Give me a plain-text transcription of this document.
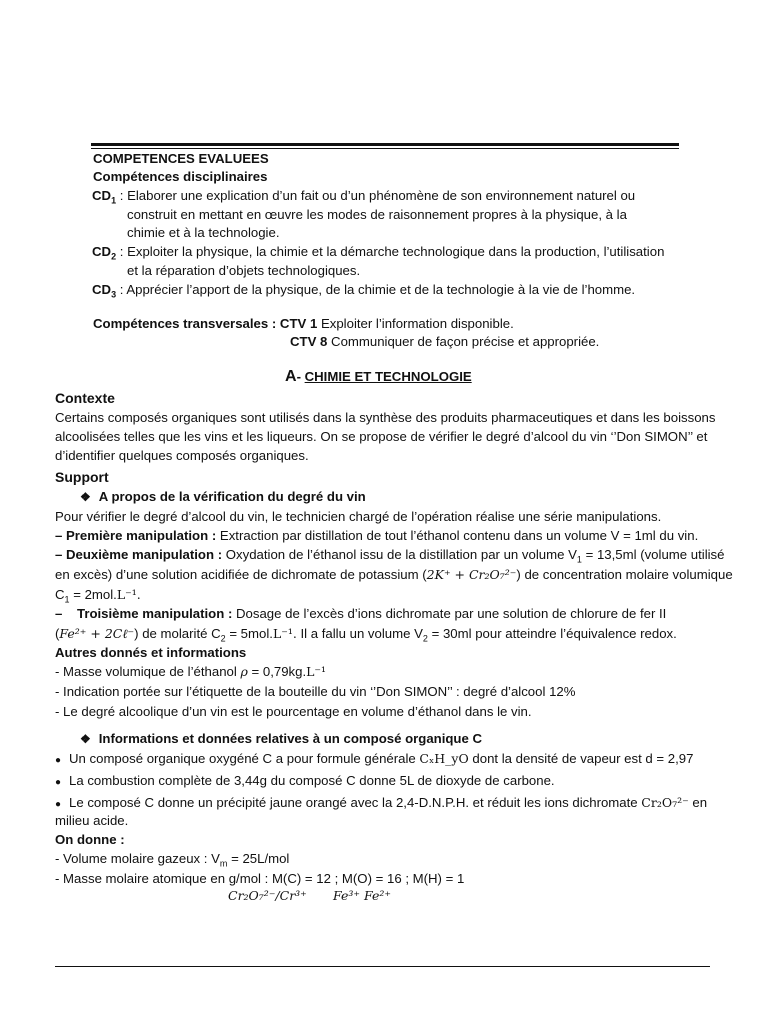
COMPETENCES EVALUEES
Compétences disciplinaires
$CD_1$ : Elaborer une explication d’un fait ou d’un phénomène de son environnement naturel ou
construit en mettant en œuvre les modes de raisonnement propres à la physique, à la
chimie et à la technologie.
$CD_2$ : Exploiter la physique, la chimie et la démarche technologique dans la production, l’utilisation
et la réparation d’objets technologiques.
$CD_3$ : Apprécier l’apport de la physique, de la chimie et de la technologie à la vie de l’homme.
Compétences transversales : CTV 1 Exploiter l’information disponible.
CTV 8 Communiquer de façon précise et appropriée.
A- CHIMIE ET TECHNOLOGIE
Contexte
Certains composés organiques sont utilisés dans la synthèse des produits pharmaceutiques et dans les boissons
alcoolisées telles que les vins et les liqueurs. On se propose de vérifier le degré d’alcool du vin ‘’Don SIMON’’ et
d’identifier quelques composés organiques.
Support
❖ A propos de la vérification du degré du vin
Pour vérifier le degré d’alcool du vin, le technicien chargé de l’opération réalise une série manipulations.
– Première manipulation : Extraction par distillation de tout l’éthanol contenu dans un volume V = 1ml du vin.
– Deuxième manipulation : Oxydation de l’éthanol issu de la distillation par un volume $V_1 = 13,5ml$ (volume utilisé
en excès) d’une solution acidifiée de dichromate de potassium (2K⁺ + Cr₂O₇²⁻) de concentration molaire volumique
$C_1 = 2mol.L^{-1}$.
–    Troisième manipulation : Dosage de l’excès d’ions dichromate par une solution de chlorure de fer II
(Fe²⁺ + 2Cℓ⁻) de molarité $C_2 = 5mol.L^{-1}$. Il a fallu un volume $V_2 = 30ml$ pour atteindre l’équivalence redox.
Autres donnés et informations
- Masse volumique de l’éthanol ρ = 0,79kg.L⁻¹
- Indication portée sur l’étiquette de la bouteille du vin ‘’Don SIMON’’ : degré d’alcool 12%
- Le degré alcoolique d’un vin est le pourcentage en volume d’éthanol dans le vin.
❖ Informations et données relatives à un composé organique C
● Un composé organique oxygéné C a pour formule générale CₓH_yO dont la densité de vapeur est d = 2,97
● La combustion complète de 3,44g du composé C donne 5L de dioxyde de carbone.
● Le composé C donne un précipité jaune orangé avec la 2,4-D.N.P.H. et réduit les ions dichromate Cr₂O₇²⁻ en
milieu acide.
On donne :
- Volume molaire gazeux : $V_m = 25L/mol$
- Masse molaire atomique en g/mol : M(C) = 12 ; M(O) = 16 ; M(H) = 1
Cr₂O₇²⁻/Cr³⁺ Fe³⁺ Fe²⁺
